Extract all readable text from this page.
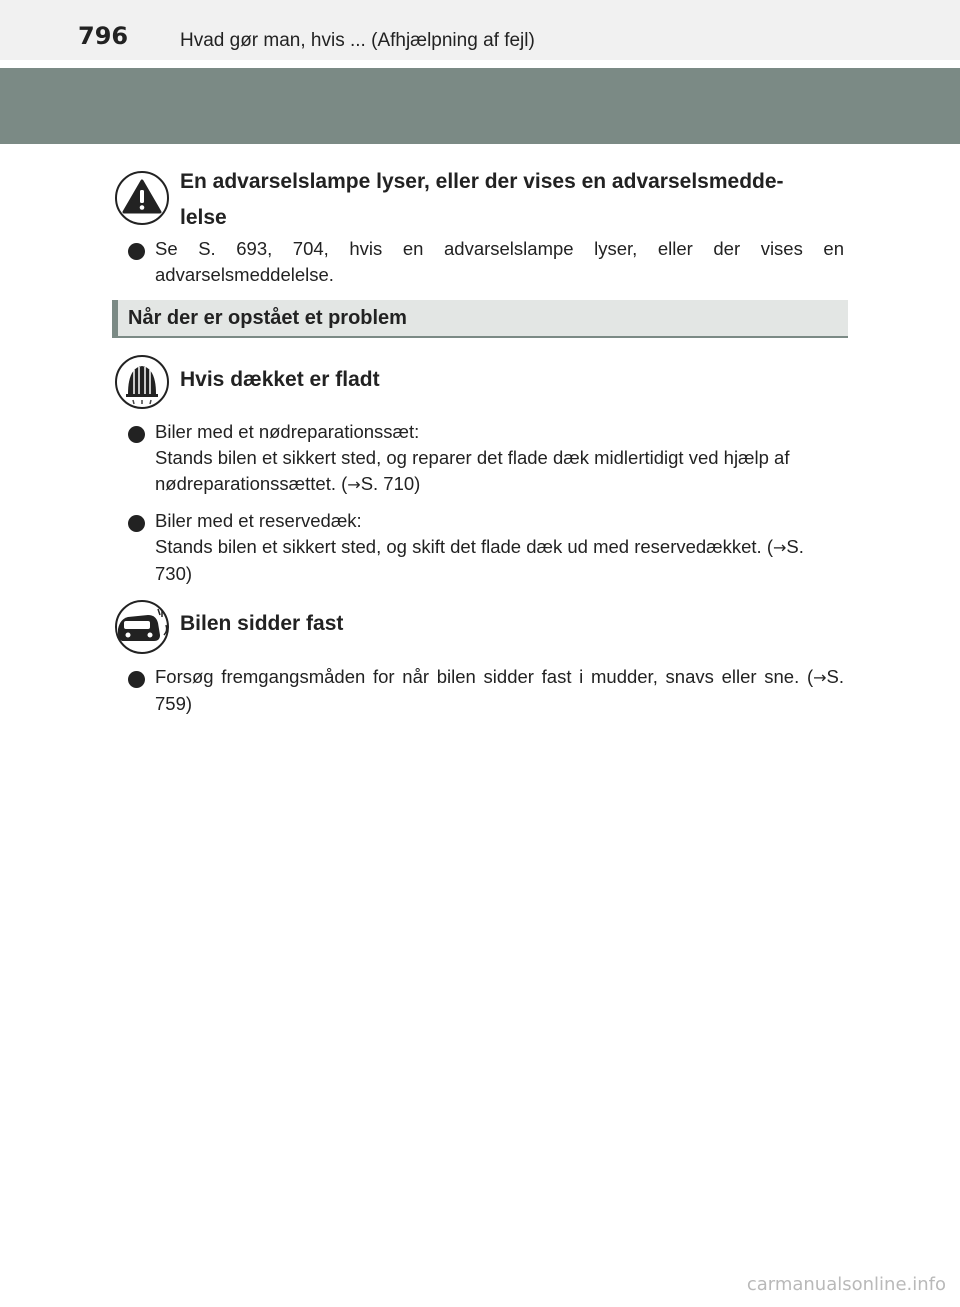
796	Hvad gør man, hvis ... (Afhjælpning af fejl)
En advarselslampe lyser, eller der vises en advarselsmedde-
lelse
Se S. 693, 704, hvis en advarselslampe lyser, eller der vises en advarselsmeddelelse.
Når der er opstået et problem
Hvis dækket er fladt
Biler med et nødreparationssæt:
Stands bilen et sikkert sted, og reparer det flade dæk midlertidigt ved hjælp af nødreparationssættet. (→S. 710)
Biler med et reservedæk:
Stands bilen et sikkert sted, og skift det flade dæk ud med reservedækket. (→S. 730)
Bilen sidder fast
Forsøg fremgangsmåden for når bilen sidder fast i mudder, snavs eller sne. (→S. 759)
carmanualsonline.info
